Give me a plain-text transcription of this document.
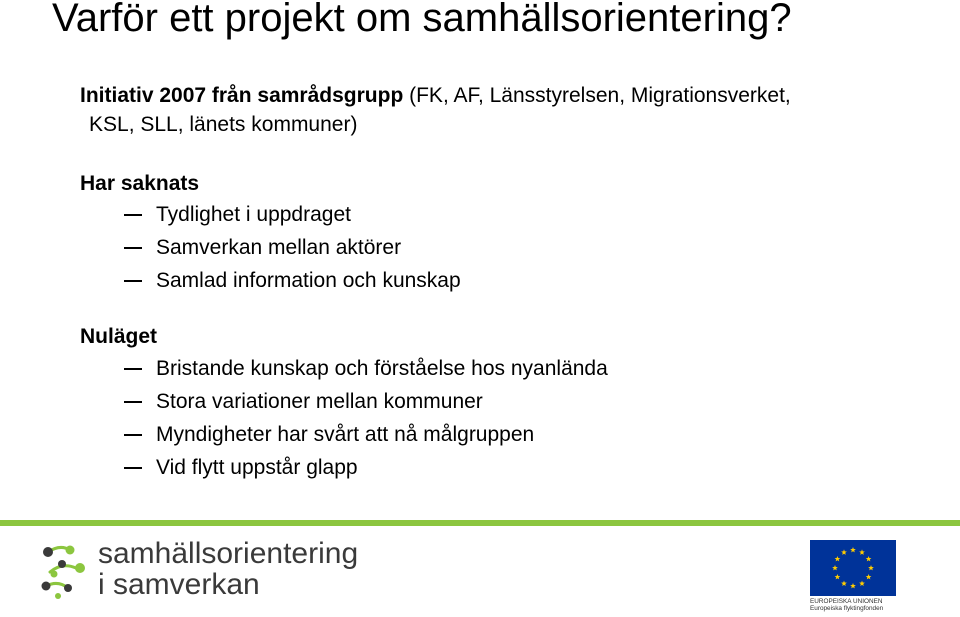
Varför ett projekt om samhällsorientering?

Initiativ 2007 från samrådsgrupp (FK, AF, Länsstyrelsen, Migrationsverket,
KSL, SLL, länets kommuner)

Har saknats
Tydlighet i uppdraget
Samverkan mellan aktörer
Samlad information och kunskap
Nuläget
Bristande kunskap och förståelse hos nyanlända
Stora variationer mellan kommuner
Myndigheter har svårt att nå målgruppen
Vid flytt uppstår glapp
samhällsorientering
i samverkan
EUROPEISKA UNIONEN
Europeiska flyktingfonden
